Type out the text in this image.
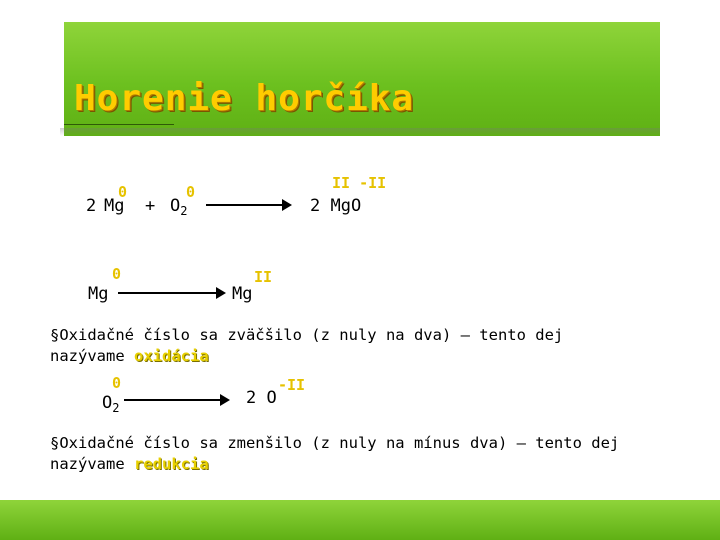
Horenie horčíka
2 Mg
0
+ $O_2$
0
2 MgO
II -II
Mg
0
Mg
II
§Oxidačné číslo sa zväčšilo (z nuly na dva) – tento dej
nazývame oxidácia
$O_2$
0
2 O
-II
§Oxidačné číslo sa zmenšilo (z nuly na mínus dva) – tento dej
nazývame redukcia
